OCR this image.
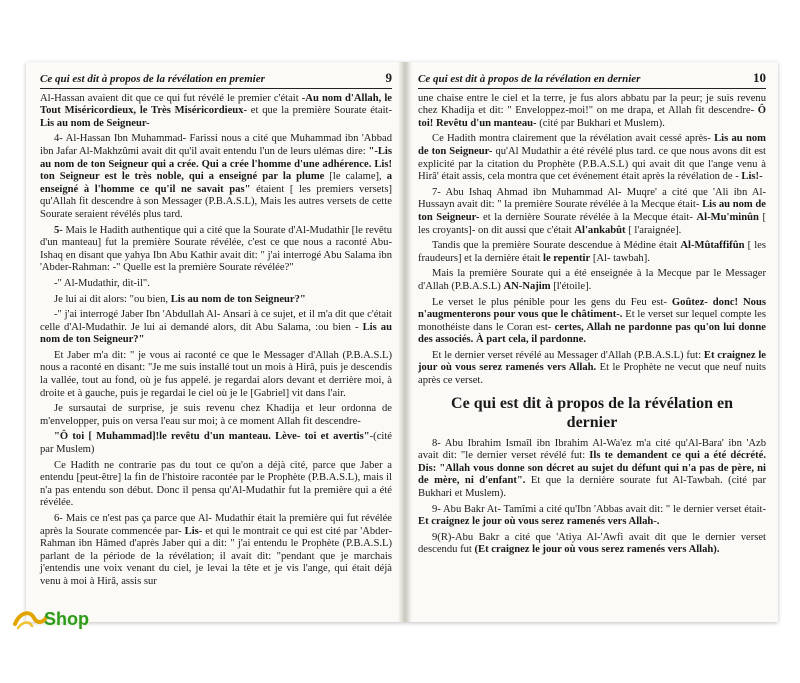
Ce qui est dit à propos de la révélation en premier	9

Al-Hassan avaient dit que ce qui fut révélé le premier c'était -Au nom d'Allah, le Tout Miséricordieux, le Très Miséricordieux- et que la première Sourate était- Lis au nom de Seigneur-

4- Al-Hassan Ibn Muhammad- Farissi nous a cité que Muhammad ibn 'Abbad ibn Jafar Al-Makhzûmi avait dit qu'il avait entendu l'un de leurs ulémas dire: "-Lis au nom de ton Seigneur qui a crée. Qui a crée l'homme d'une adhérence. Lis! ton Seigneur est le très noble, qui a enseigné par la plume [le calame], a enseigné à l'homme ce qu'il ne savait pas" étaient [ les premiers versets] qu'Allah fit descendre à son Messager (P.B.A.S.L), Mais les autres versets de cette Sourate seraient révélés plus tard.

5- Mais le Hadith authentique qui a cité que la Sourate d'Al-Mudathir [le revêtu d'un manteau] fut la première Sourate révélée, c'est ce que nous a raconté Abu-Ishaq en disant que yahya Ibn Abu Kathir avait dit: " j'ai interrogé Abu Salama ibn 'Abder-Rahman: -" Quelle est la première Sourate révélée?"

-" Al-Mudathir, dit-il".

Je lui ai dit alors: "ou bien, Lis au nom de ton Seigneur?"

-" j'ai interrogé Jaber Ibn 'Abdullah Al- Ansari à ce sujet, et il m'a dit que c'était celle d'Al-Mudathir. Je lui ai demandé alors, dit Abu Salama, :ou bien - Lis au nom de ton Seigneur?"

Et Jaber m'a dit: " je vous ai raconté ce que le Messager d'Allah (P.B.A.S.L) nous a raconté en disant: "Je me suis installé tout un mois à Hirâ, puis je descendis la vallée, tout au fond, où je fus appelé. je regardai alors devant et derrière moi, à droite et à gauche, puis je regardai le ciel où je le [Gabriel] vit dans l'air.

Je sursautai de surprise, je suis revenu chez Khadija et leur ordonna de m'envelopper, puis on versa l'eau sur moi; à ce moment Allah fit descendre-

"Ô toi [ Muhammad]!le revêtu d'un manteau. Lève- toi et avertis"-(cité par Muslem)

Ce Hadith ne contrarie pas du tout ce qu'on a déjà cité, parce que Jaber a entendu [peut-être] la fin de l'histoire racontée par le Prophète (P.B.A.S.L), mais il n'a pas entendu son début. Donc il pensa qu'Al-Mudathir fut la première qui a été révélée.

6- Mais ce n'est pas ça parce que Al- Mudathir était la première qui fut révélée après la Sourate commencée par- Lis- et qui le montrait ce qui est cité par 'Abder-Rahman ibn Hâmed d'après Jaber qui a dit: " j'ai entendu le Prophète (P.B.A.S.L) parlant de la période de la révélation; il avait dit: "pendant que je marchais j'entendis une voix venant du ciel, je levai la tête et je vis l'ange, qui était déjà venu à moi à Hirâ, assis sur

Ce qui est dit à propos de la révélation en dernier	10

une chaise entre le ciel et la terre, je fus alors abbatu par la peur; je suis revenu chez Khadija et dit: " Enveloppez-moi!" on me drapa, et Allah fit descendre- Ô toi! Revêtu d'un manteau- (cité par Bukhari et Muslem).

Ce Hadith montra clairement que la révélation avait cessé après- Lis au nom de ton Seigneur- qu'Al Mudathir a été révélé plus tard. ce que nous avons dit est explicité par la citation du Prophète (P.B.A.S.L) qui avait dit que l'ange venu à Hirâ' était assis, cela montra que cet événement était après la révélation de - Lis!-

7- Abu Ishaq Ahmad ibn Muhammad Al- Muqre' a cité que 'Ali ibn Al-Hussayn avait dit: " la première Sourate révélée à la Mecque était- Lis au nom de ton Seigneur- et la dernière Sourate révélée à la Mecque était- Al-Mu'minûn [ les croyants]- on dit aussi que c'était Al'ankabût [ l'araignée].

Tandis que la première Sourate descendue à Médine était Al-Mûtaffifûn [ les fraudeurs] et la dernière était le repentir [Al- tawbah].

Mais la première Sourate qui a été enseignée à la Mecque par le Messager d'Allah (P.B.A.S.L) AN-Najim [l'étoile].

Le verset le plus pénible pour les gens du Feu est- Goûtez- donc! Nous n'augmenterons pour vous que le châtiment-. Et le verset sur lequel compte les monothéiste dans le Coran est- certes, Allah ne pardonne pas qu'on lui donne des associés. À part cela, il pardonne.

Et le dernier verset révélé au Messager d'Allah (P.B.A.S.L) fut: Et craignez le jour où vous serez ramenés vers Allah. Et le Prophète ne vecut que neuf nuits après ce verset.

Ce qui est dit à propos de la révélation en dernier

8- Abu Ibrahim Ismaîl ibn Ibrahim Al-Wa'ez m'a cité qu'Al-Bara' ibn 'Azb avait dit: "le dernier verset révélé fut: Ils te demandent ce qui a été décrété. Dis: "Allah vous donne son décret au sujet du défunt qui n'a pas de père, ni de mère, ni d'enfant". Et que la dernière sourate fut Al-Tawbah. (cité par Bukhari et Muslem).

9- Abu Bakr At- Tamîmi a cité qu'Ibn 'Abbas avait dit: " le dernier verset était- Et craignez le jour où vous serez ramenés vers Allah-.

9(R)-Abu Bakr a cité que 'Atiya Al-'Awfi avait dit que le dernier verset descendu fut (Et craignez le jour où vous serez ramenés vers Allah).

Shop
